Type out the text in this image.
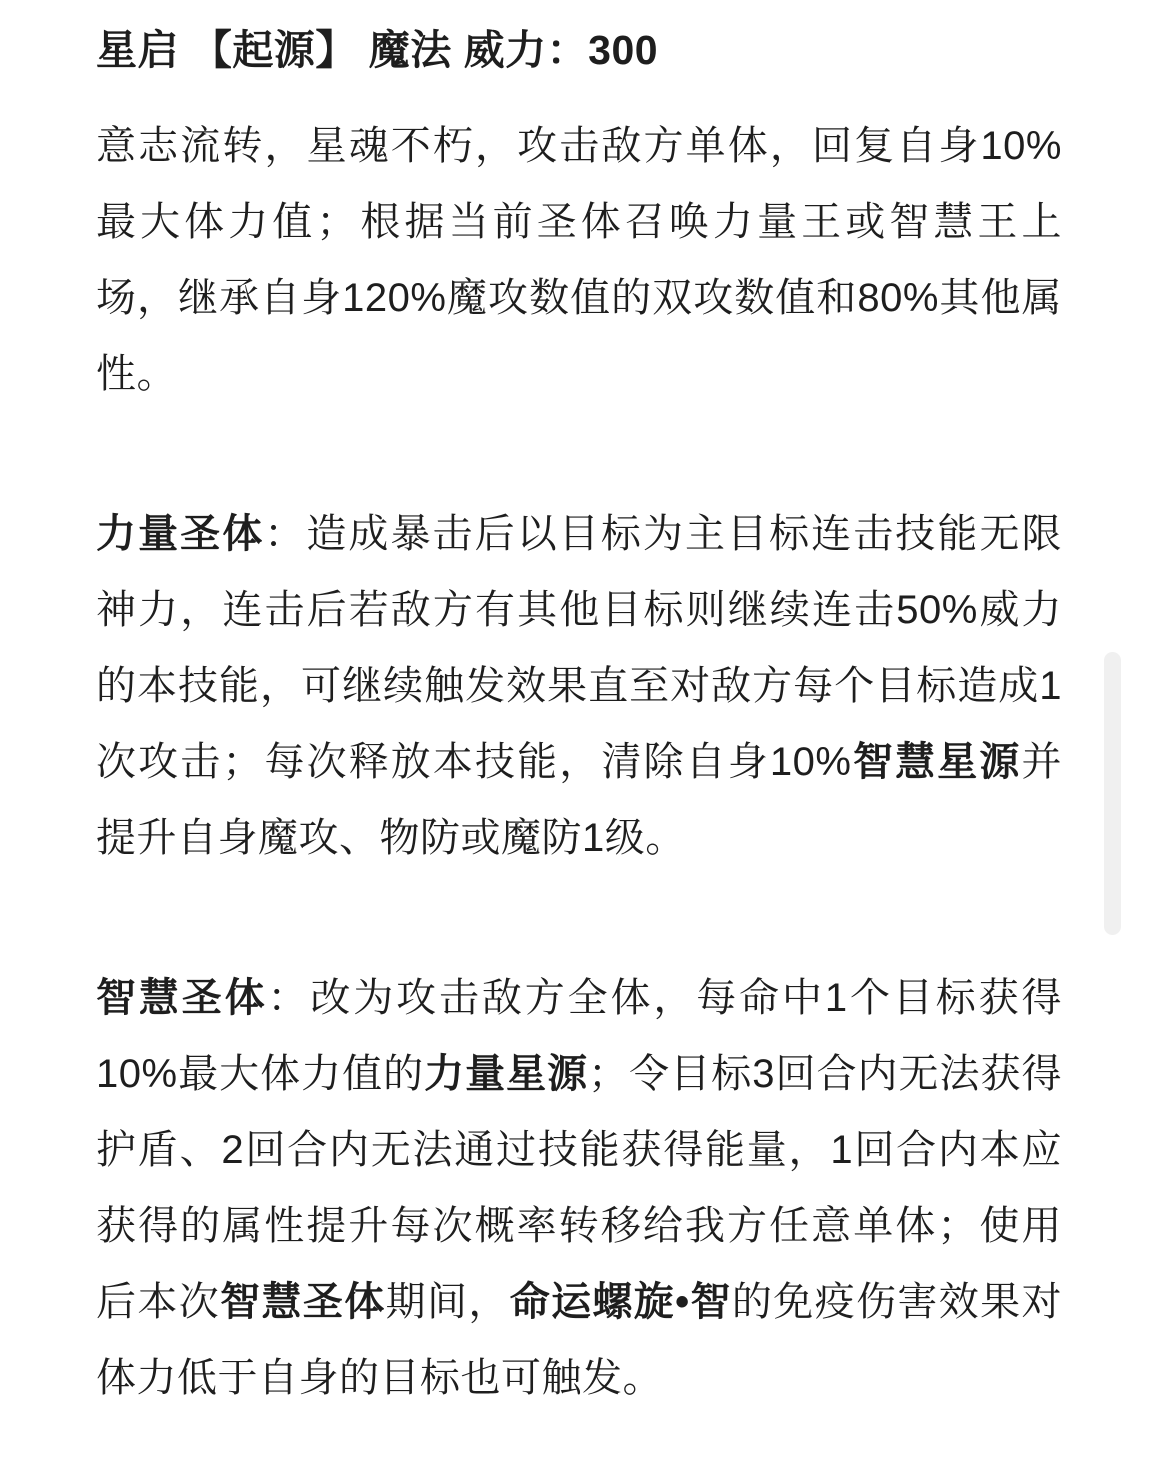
星启 【起源】 魔法 威力：300

意志流转，星魂不朽，攻击敌方单体，回复自身10%最大体力值；根据当前圣体召唤力量王或智慧王上场，继承自身120%魔攻数值的双攻数值和80%其他属性。

力量圣体：造成暴击后以目标为主目标连击技能无限神力，连击后若敌方有其他目标则继续连击50%威力的本技能，可继续触发效果直至对敌方每个目标造成1次攻击；每次释放本技能，清除自身10%智慧星源并提升自身魔攻、物防或魔防1级。

智慧圣体：改为攻击敌方全体，每命中1个目标获得10%最大体力值的力量星源；令目标3回合内无法获得护盾、2回合内无法通过技能获得能量，1回合内本应获得的属性提升每次概率转移给我方任意单体；使用后本次智慧圣体期间，命运螺旋•智的免疫伤害效果对体力低于自身的目标也可触发。
